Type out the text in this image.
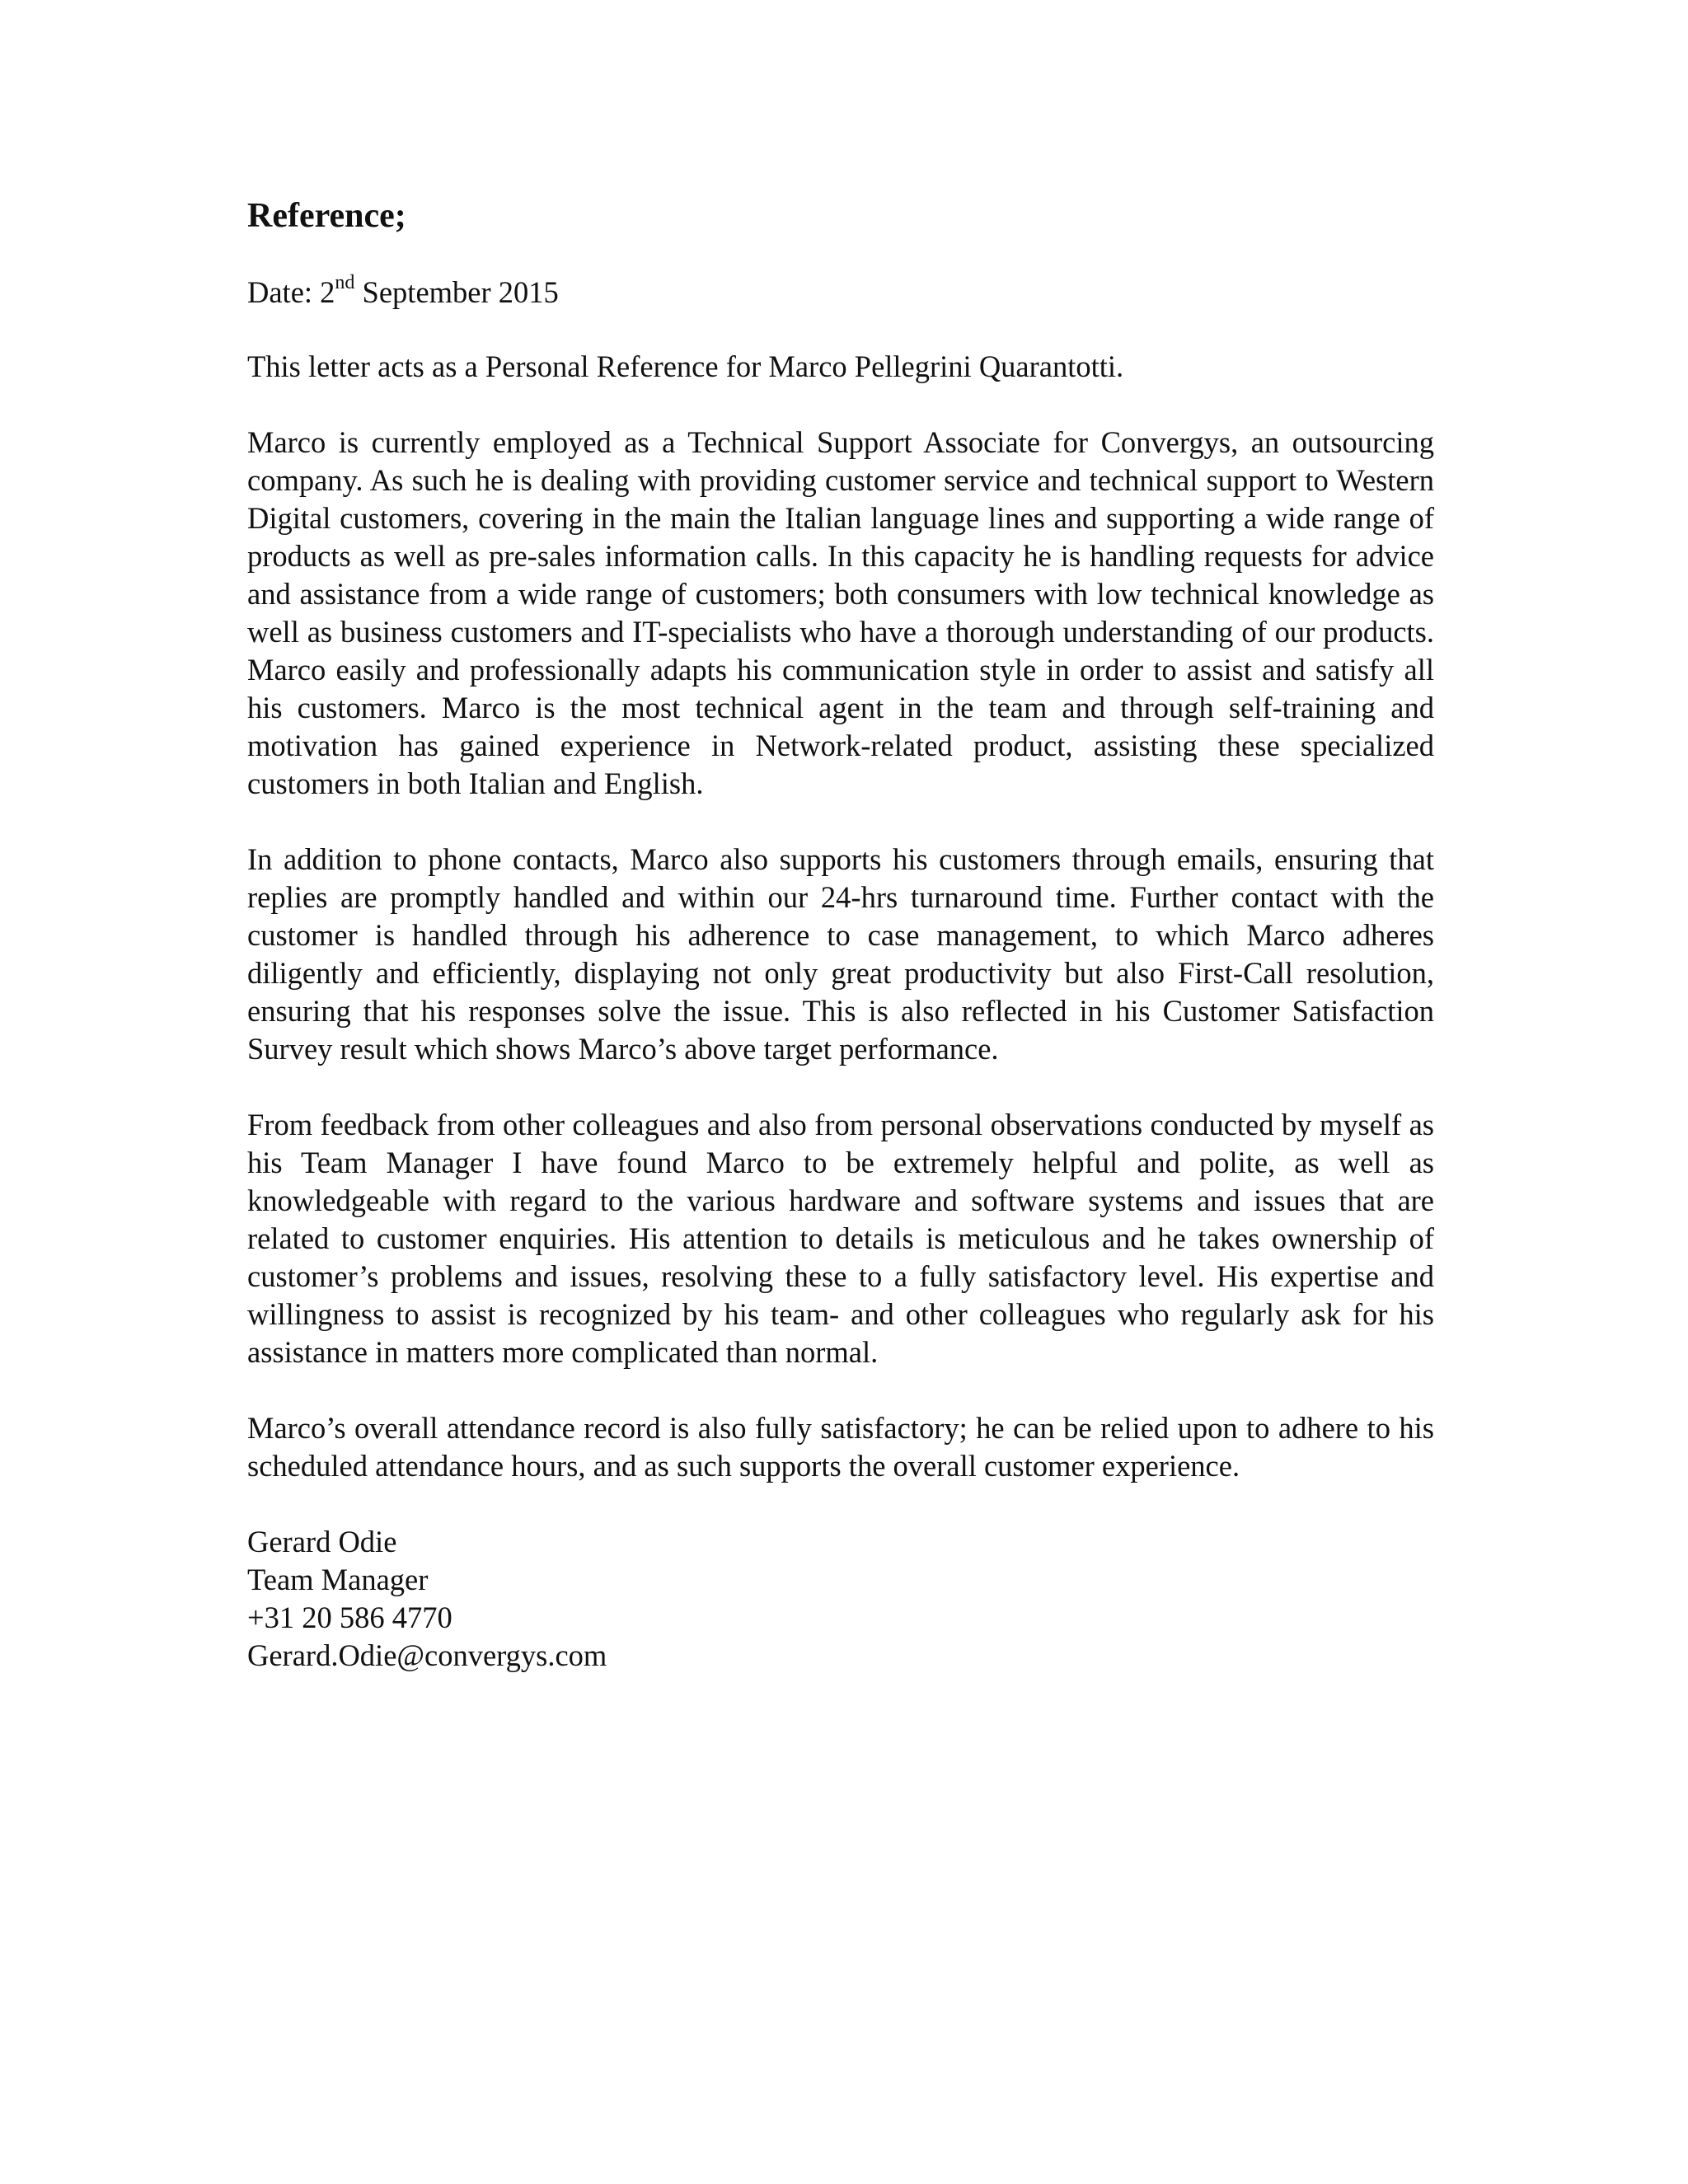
Reference;

Date: 2nd September 2015

This letter acts as a Personal Reference for Marco Pellegrini Quarantotti.

Marco is currently employed as a Technical Support Associate for Convergys, an outsourcing company. As such he is dealing with providing customer service and technical support to Western Digital customers, covering in the main the Italian language lines and supporting a wide range of products as well as pre-sales information calls. In this capacity he is handling requests for advice and assistance from a wide range of customers; both consumers with low technical knowledge as well as business customers and IT-specialists who have a thorough understanding of our products. Marco easily and professionally adapts his communication style in order to assist and satisfy all his customers. Marco is the most technical agent in the team and through self-training and motivation has gained experience in Network-related product, assisting these specialized customers in both Italian and English.

In addition to phone contacts, Marco also supports his customers through emails, ensuring that replies are promptly handled and within our 24-hrs turnaround time. Further contact with the customer is handled through his adherence to case management, to which Marco adheres diligently and efficiently, displaying not only great productivity but also First-Call resolution, ensuring that his responses solve the issue. This is also reflected in his Customer Satisfaction Survey result which shows Marco’s above target performance.

From feedback from other colleagues and also from personal observations conducted by myself as his Team Manager I have found Marco to be extremely helpful and polite, as well as knowledgeable with regard to the various hardware and software systems and issues that are related to customer enquiries. His attention to details is meticulous and he takes ownership of customer’s problems and issues, resolving these to a fully satisfactory level. His expertise and willingness to assist is recognized by his team- and other colleagues who regularly ask for his assistance in matters more complicated than normal.

Marco’s overall attendance record is also fully satisfactory; he can be relied upon to adhere to his scheduled attendance hours, and as such supports the overall customer experience.

Gerard Odie
Team Manager
+31 20 586 4770
Gerard.Odie@convergys.com
